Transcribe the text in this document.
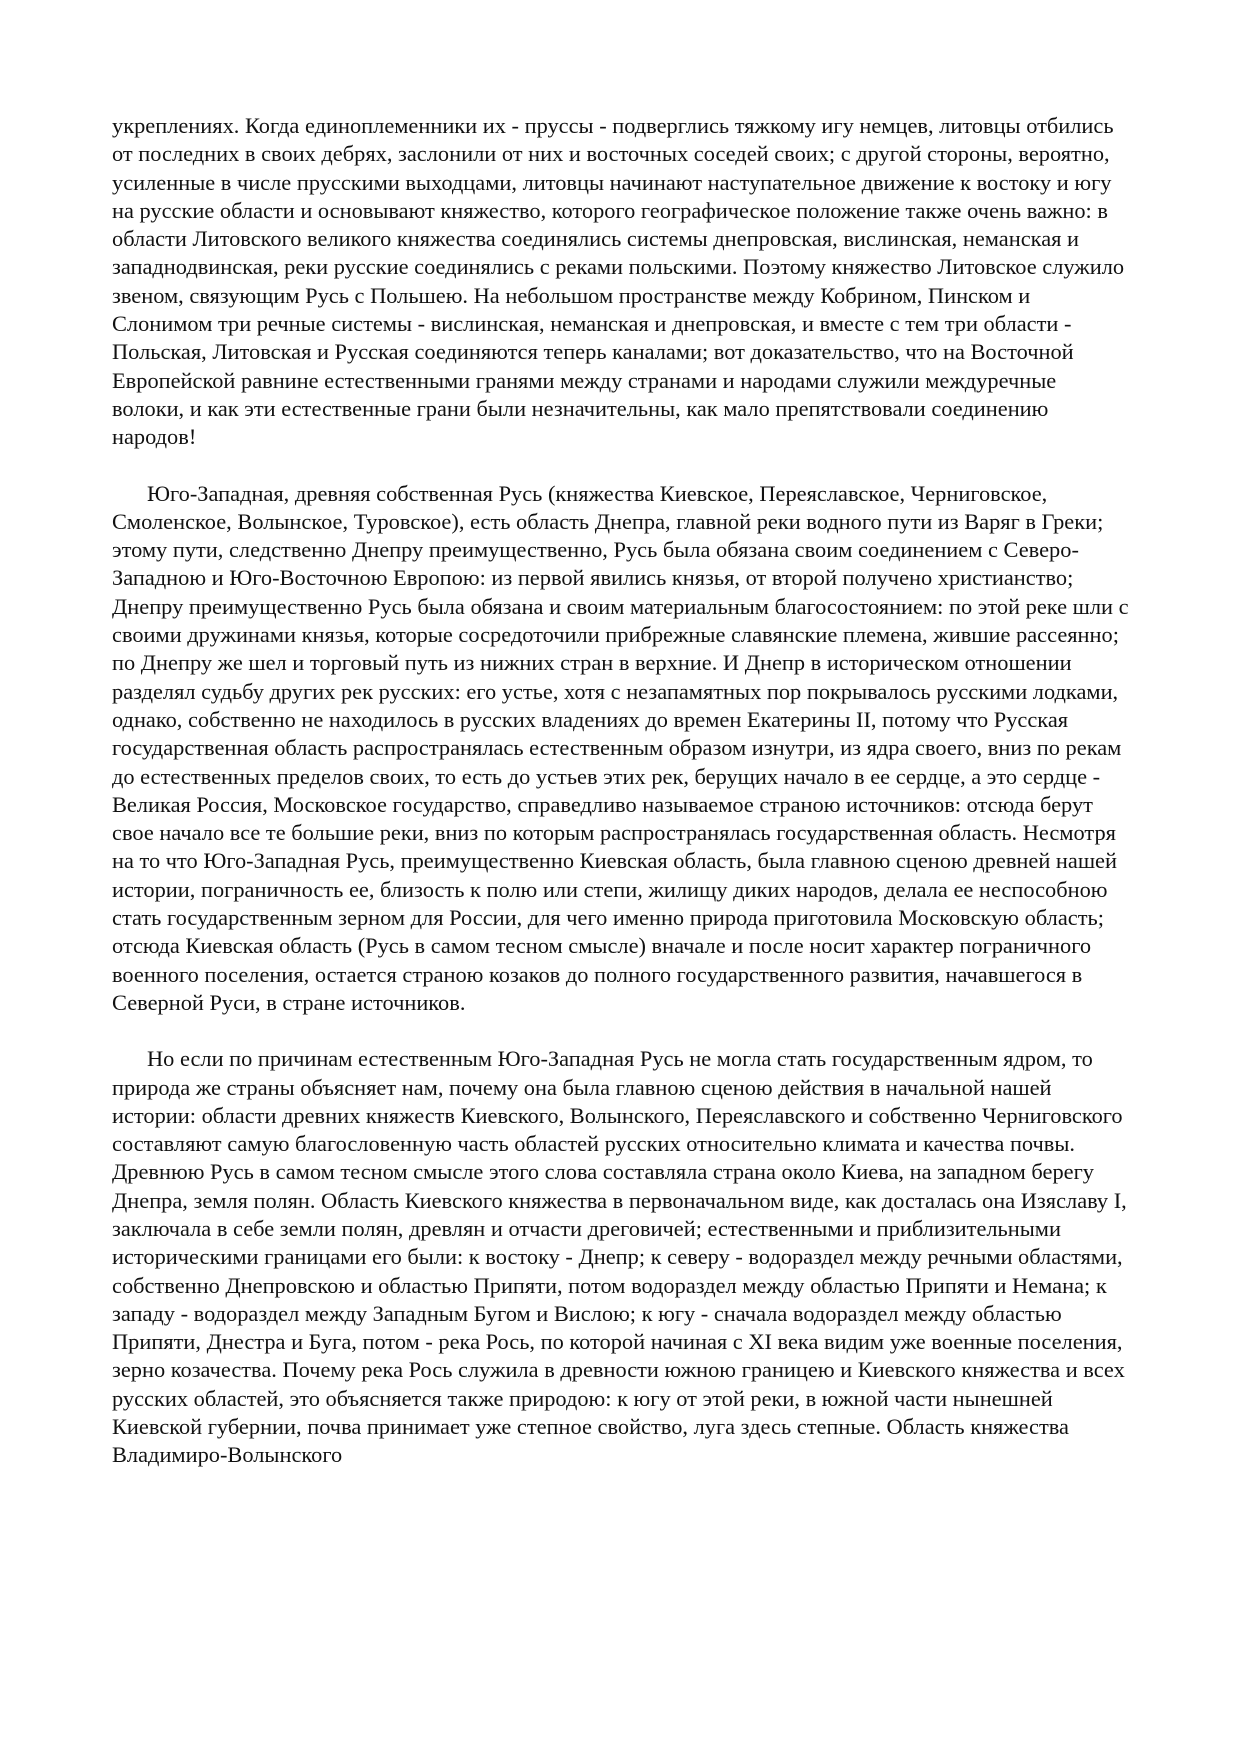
укреплениях. Когда единоплеменники их - пруссы - подверглись тяжкому игу немцев, литовцы отбились от последних в своих дебрях, заслонили от них и восточных соседей своих; с другой стороны, вероятно, усиленные в числе прусскими выходцами, литовцы начинают наступательное движение к востоку и югу на русские области и основывают княжество, которого географическое положение также очень важно: в области Литовского великого княжества соединялись системы днепровская, вислинская, неманская и западнодвинская, реки русские соединялись с реками польскими. Поэтому княжество Литовское служило звеном, связующим Русь с Польшею. На небольшом пространстве между Кобрином, Пинском и Слонимом три речные системы - вислинская, неманская и днепровская, и вместе с тем три области - Польская, Литовская и Русская соединяются теперь каналами; вот доказательство, что на Восточной Европейской равнине естественными гранями между странами и народами служили междуречные волоки, и как эти естественные грани были незначительны, как мало препятствовали соединению народов!

Юго-Западная, древняя собственная Русь (княжества Киевское, Переяславское, Черниговское, Смоленское, Волынское, Туровское), есть область Днепра, главной реки водного пути из Варяг в Греки; этому пути, следственно Днепру преимущественно, Русь была обязана своим соединением с Северо-Западною и Юго-Восточною Европою: из первой явились князья, от второй получено христианство; Днепру преимущественно Русь была обязана и своим материальным благосостоянием: по этой реке шли с своими дружинами князья, которые сосредоточили прибрежные славянские племена, жившие рассеянно; по Днепру же шел и торговый путь из нижних стран в верхние. И Днепр в историческом отношении разделял судьбу других рек русских: его устье, хотя с незапамятных пор покрывалось русскими лодками, однако, собственно не находилось в русских владениях до времен Екатерины II, потому что Русская государственная область распространялась естественным образом изнутри, из ядра своего, вниз по рекам до естественных пределов своих, то есть до устьев этих рек, берущих начало в ее сердце, а это сердце - Великая Россия, Московское государство, справедливо называемое страною источников: отсюда берут свое начало все те большие реки, вниз по которым распространялась государственная область. Несмотря на то что Юго-Западная Русь, преимущественно Киевская область, была главною сценою древней нашей истории, пограничность ее, близость к полю или степи, жилищу диких народов, делала ее неспособною стать государственным зерном для России, для чего именно природа приготовила Московскую область; отсюда Киевская область (Русь в самом тесном смысле) вначале и после носит характер пограничного военного поселения, остается страною козаков до полного государственного развития, начавшегося в Северной Руси, в стране источников.

Но если по причинам естественным Юго-Западная Русь не могла стать государственным ядром, то природа же страны объясняет нам, почему она была главною сценою действия в начальной нашей истории: области древних княжеств Киевского, Волынского, Переяславского и собственно Черниговского составляют самую благословенную часть областей русских относительно климата и качества почвы. Древнюю Русь в самом тесном смысле этого слова составляла страна около Киева, на западном берегу Днепра, земля полян. Область Киевского княжества в первоначальном виде, как досталась она Изяславу I, заключала в себе земли полян, древлян и отчасти дреговичей; естественными и приблизительными историческими границами его были: к востоку - Днепр; к северу - водораздел между речными областями, собственно Днепровскою и областью Припяти, потом водораздел между областью Припяти и Немана; к западу - водораздел между Западным Бугом и Вислою; к югу - сначала водораздел между областью Припяти, Днестра и Буга, потом - река Рось, по которой начиная с XI века видим уже военные поселения, зерно козачества. Почему река Рось служила в древности южною границею и Киевского княжества и всех русских областей, это объясняется также природою: к югу от этой реки, в южной части нынешней Киевской губернии, почва принимает уже степное свойство, луга здесь степные. Область княжества Владимиро-Волынского
